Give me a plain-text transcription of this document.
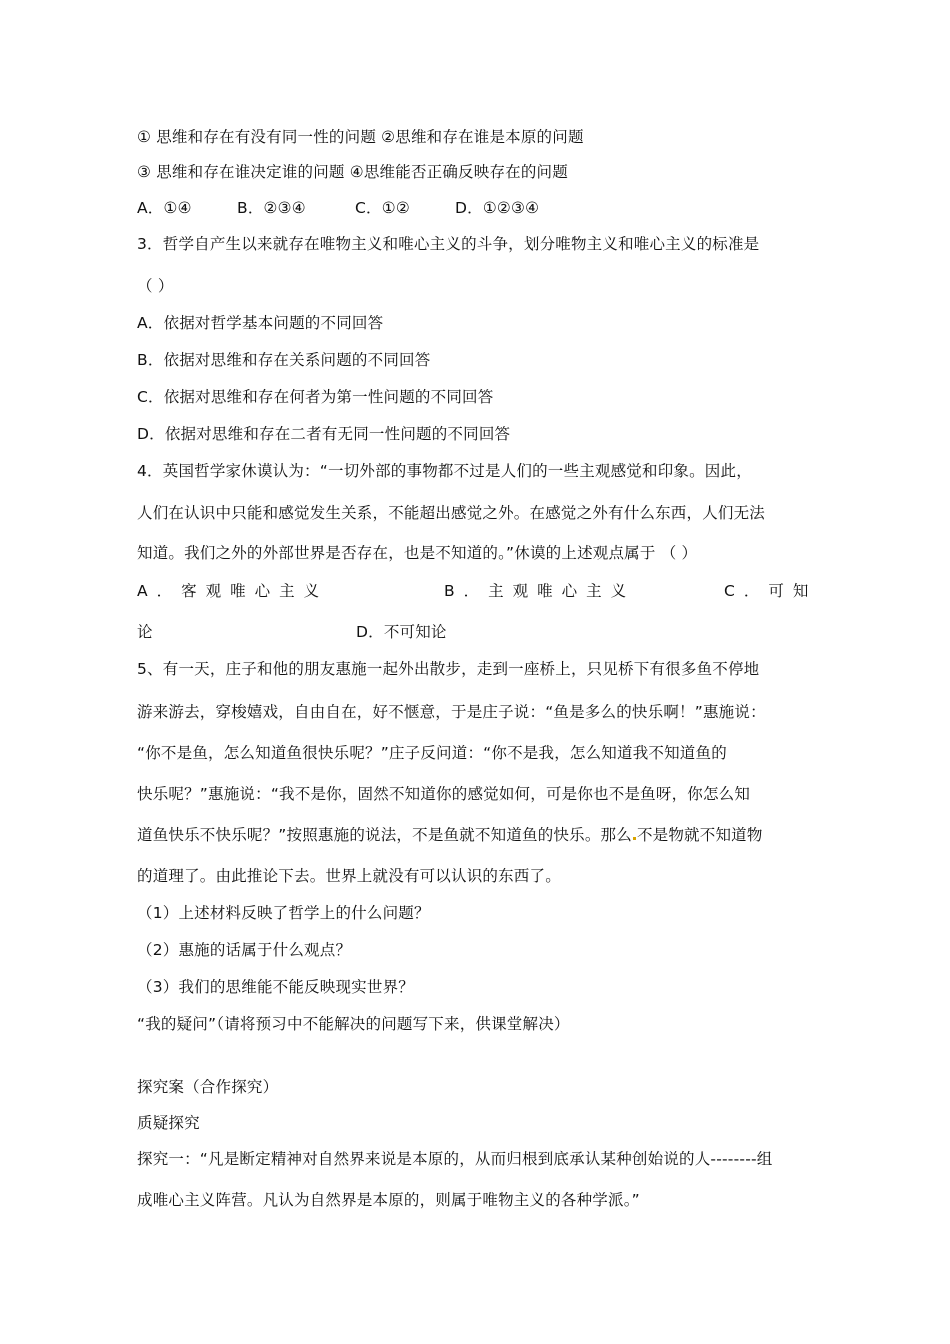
① 思维和存在有没有同一性的问题 ②思维和存在谁是本原的问题
③ 思维和存在谁决定谁的问题 ④思维能否正确反映存在的问题
A．①④	B．②③④	C．①②	D．①②③④
3．哲学自产生以来就存在唯物主义和唯心主义的斗争，划分唯物主义和唯心主义的标准是
（ ）
A．依据对哲学基本问题的不同回答
B．依据对思维和存在关系问题的不同回答
C．依据对思维和存在何者为第一性问题的不同回答
D．依据对思维和存在二者有无同一性问题的不同回答
4．英国哲学家休谟认为：“一切外部的事物都不过是人们的一些主观感觉和印象。因此，
人们在认识中只能和感觉发生关系，不能超出感觉之外。在感觉之外有什么东西，人们无法
知道。我们之外的外部世界是否存在，也是不知道的。”休谟的上述观点属于 （ ）
A．客观唯心主义	B．主观唯心主义	C．可知
论	D．不可知论
5、有一天，庄子和他的朋友惠施一起外出散步，走到一座桥上，只见桥下有很多鱼不停地
游来游去，穿梭嬉戏，自由自在，好不惬意，于是庄子说：“鱼是多么的快乐啊！”惠施说：
“你不是鱼，怎么知道鱼很快乐呢？”庄子反问道：“你不是我，怎么知道我不知道鱼的
快乐呢？”惠施说：“我不是你，固然不知道你的感觉如何，可是你也不是鱼呀，你怎么知
道鱼快乐不快乐呢？”按照惠施的说法，不是鱼就不知道鱼的快乐。那么 不是物就不知道物
的道理了。由此推论下去。世界上就没有可以认识的东西了。
（1）上述材料反映了哲学上的什么问题？
（2）惠施的话属于什么观点？
（3）我们的思维能不能反映现实世界？
“我的疑问”（请将预习中不能解决的问题写下来，供课堂解决）
探究案（合作探究）
质疑探究
探究一：“凡是断定精神对自然界来说是本原的，从而归根到底承认某种创始说的人--------组
成唯心主义阵营。凡认为自然界是本原的，则属于唯物主义的各种学派。”
